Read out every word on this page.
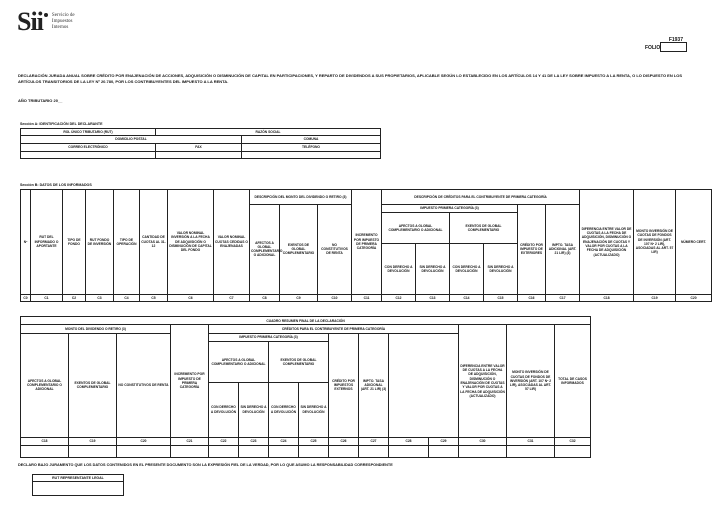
Sii Servicio de
Impuestos
Internos
F1937
FOLIO
DECLARACIÓN JURADA ANUAL SOBRE CRÉDITO POR ENAJENACIÓN DE ACCIONES, ADQUISICIÓN O DISMINUCIÓN DE CAPITAL EN PARTICIPACIONES, Y REPARTO DE DIVIDENDOS A SUS PROPIETARIOS, APLICABLE SEGÚN LO ESTABLECIDO EN LOS ARTÍCULOS 14 Y 41 DE LA LEY SOBRE IMPUESTO A LA RENTA, O LO DISPUESTO EN LOS ARTÍCULOS TRANSITORIOS DE LA LEY Nº 20.780, POR LOS CONTRIBUYENTES DEL IMPUESTO A LA RENTA.
AÑO TRIBUTARIO 20__
Sección A: IDENTIFICACIÓN DEL DECLARANTE
ROL ÚNICO TRIBUTARIO (RUT)	RAZÓN SOCIAL	
DOMICILIO POSTAL		COMUNA
CORREO ELECTRÓNICO	FAX	TELÉFONO

Sección B: DATOS DE LOS INFORMADOS
Nº	RUT DEL INFORMADO O APORTANTE	TIPO DE FONDO	RUT FONDO DE INVERSIÓN	TIPO DE OPERACIÓN	CANTIDAD DE CUOTAS AL 31-12	VALOR NOMINAL INVERSIÓN A LA FECHA DE ADQUISICIÓN O DISMINUCIÓN DE CAPITAL DEL FONDO	VALOR NOMINAL CUOTAS CEDIDAS O ENAJENADAS	DESCRIPCIÓN DEL MONTO DEL DIVIDENDO O RETIRO (3)			INCREMENTO POR IMPUESTO DE PRIMERA CATEGORÍA	DESCRIPCIÓN DE CRÉDITOS PARA EL CONTRIBUYENTE DE PRIMERA CATEGORÍA						DIFERENCIA ENTRE VALOR DE CUOTAS A LA FECHA DE ADQUISICIÓN, DISMINUCIÓN O ENAJENACIÓN DE CUOTAS Y VALOR POR CUOTAS A LA FECHA DE ADQUISICIÓN (ACTUALIZADO)	MONTO INVERSIÓN DE CUOTAS DE FONDOS DE INVERSIÓN (ART. 107 Nº 2 LIR), ASOCIADAS AL ART. 57 LIR)	NÚMERO CERT.
								AFECTOS A GLOBAL COMPLEMENTARIO O ADICIONAL	EXENTOS DE GLOBAL COMPLEMENTARIO	NO CONSTITUTIVOS DE RENTA		IMPUESTO PRIMERA CATEGORÍA (3)				CRÉDITO POR IMPUESTO DE EXTERIORES	IMPTO. TASA ADICIONAL (ART. 21 LIR) (3)			
												AFECTOS A GLOBAL COMPLEMENTARIO O ADICIONAL		EXENTOS DE GLOBAL COMPLEMENTARIO						
												CON DERECHO A DEVOLUCIÓN	SIN DERECHO A DEVOLUCIÓN	CON DERECHO A DEVOLUCIÓN	SIN DERECHO A DEVOLUCIÓN					
C0	C1	C2	C3	C4	C5	C6	C7	C8	C9	C10	C11	C12	C13	C14	C15	C16	C17	C18	C19	C20
CUADRO RESUMEN FINAL DE LA DECLARACIÓN														
MONTO DEL DIVIDENDO O RETIRO (3)			INCREMENTO POR IMPUESTO DE PRIMERA CATEGORÍA	CRÉDITOS PARA EL CONTRIBUYENTE DE PRIMERA CATEGORÍA								DIFERENCIA ENTRE VALOR DE CUOTAS A LA FECHA DE ADQUISICIÓN, DISMINUCIÓN O ENAJENACIÓN DE CUOTAS Y VALOR POR CUOTAS A LA FECHA DE ADQUISICIÓN (ACTUALIZADO)	MONTO INVERSIÓN DE CUOTAS DE FONDOS DE INVERSIÓN (ART. 107 Nº 2 LIR), ASOCIADAS AL ART. 57 LIR)	TOTAL DE CASOS INFORMADOS
AFECTOS A GLOBAL COMPLEMENTARIO O ADICIONAL	EXENTOS DE GLOBAL COMPLEMENTARIO	NO CONSTITUTIVOS DE RENTA		IMPUESTO PRIMERA CATEGORÍA (3)				CRÉDITO POR IMPUESTOS EXTERNOS	IMPTO. TASA ADICIONAL (ART. 21 LIR) (3)					
				AFECTOS A GLOBAL COMPLEMENTARIO O ADICIONAL		EXENTOS DE GLOBAL COMPLEMENTARIO								
				CON DERECHO A DEVOLUCIÓN	SIN DERECHO A DEVOLUCIÓN	CON DERECHO A DEVOLUCIÓN	SIN DERECHO A DEVOLUCIÓN							
C18	C19	C20	C21	C22	C23	C24	C25	C26	C27	C28	C29	C30	C31	C32

DECLARO BAJO JURAMENTO QUE LOS DATOS CONTENIDOS EN EL PRESENTE DOCUMENTO SON LA EXPRESIÓN FIEL DE LA VERDAD, POR LO QUE ASUMO LA RESPONSABILIDAD CORRESPONDIENTE
RUT REPRESENTANTE LEGAL
